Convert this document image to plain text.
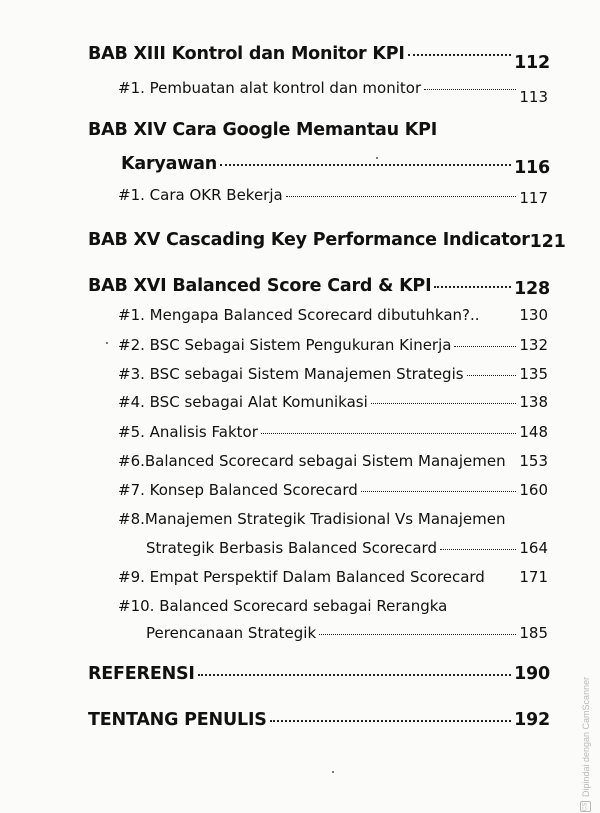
BAB XIII Kontrol dan Monitor KPI	112
#1. Pembuatan alat kontrol dan monitor	113
BAB XIV Cara Google Memantau KPI
Karyawan	116
#1. Cara OKR Bekerja	117
BAB XV Cascading Key Performance Indicator 121
BAB XVI Balanced Score Card & KPI	128
#1. Mengapa Balanced Scorecard dibutuhkan?..	130
#2. BSC Sebagai Sistem Pengukuran Kinerja	132
#3. BSC sebagai Sistem Manajemen Strategis	135
#4. BSC sebagai Alat Komunikasi	138
#5. Analisis Faktor	148
#6.Balanced Scorecard sebagai Sistem Manajemen 153
#7. Konsep Balanced Scorecard	160
#8.Manajemen Strategik Tradisional Vs Manajemen
Strategik Berbasis Balanced Scorecard	164
#9. Empat Perspektif Dalam Balanced Scorecard	171
#10. Balanced Scorecard sebagai Rerangka
Perencanaan Strategik	185
REFERENSI	190
TENTANG PENULIS	192
CS
Dipindai dengan CamScanner
